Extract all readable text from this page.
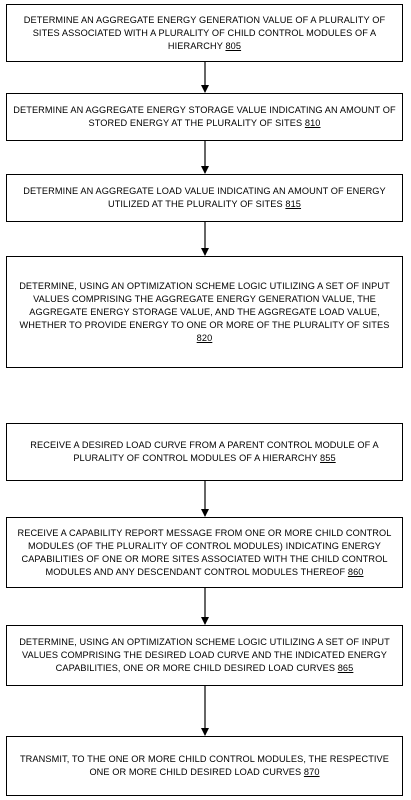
DETERMINE AN AGGREGATE ENERGY GENERATION VALUE OF A PLURALITY OF SITES ASSOCIATED WITH A PLURALITY OF CHILD CONTROL MODULES OF A HIERARCHY 805
DETERMINE AN AGGREGATE ENERGY STORAGE VALUE INDICATING AN AMOUNT OF STORED ENERGY AT THE PLURALITY OF SITES 810
DETERMINE AN AGGREGATE LOAD VALUE INDICATING AN AMOUNT OF ENERGY UTILIZED AT THE PLURALITY OF SITES 815
DETERMINE, USING AN OPTIMIZATION SCHEME LOGIC UTILIZING A SET OF INPUT VALUES COMPRISING THE AGGREGATE ENERGY GENERATION VALUE, THE AGGREGATE ENERGY STORAGE VALUE, AND THE AGGREGATE LOAD VALUE, WHETHER TO PROVIDE ENERGY TO ONE OR MORE OF THE PLURALITY OF SITES 820
RECEIVE A DESIRED LOAD CURVE FROM A PARENT CONTROL MODULE OF A PLURALITY OF CONTROL MODULES OF A HIERARCHY 855
RECEIVE A CAPABILITY REPORT MESSAGE FROM ONE OR MORE CHILD CONTROL MODULES (OF THE PLURALITY OF CONTROL MODULES) INDICATING ENERGY CAPABILITIES OF ONE OR MORE SITES ASSOCIATED WITH THE CHILD CONTROL MODULES AND ANY DESCENDANT CONTROL MODULES THEREOF 860
DETERMINE, USING AN OPTIMIZATION SCHEME LOGIC UTILIZING A SET OF INPUT VALUES COMPRISING THE DESIRED LOAD CURVE AND THE INDICATED ENERGY CAPABILITIES, ONE OR MORE CHILD DESIRED LOAD CURVES 865
TRANSMIT, TO THE ONE OR MORE CHILD CONTROL MODULES, THE RESPECTIVE ONE OR MORE CHILD DESIRED LOAD CURVES 870
